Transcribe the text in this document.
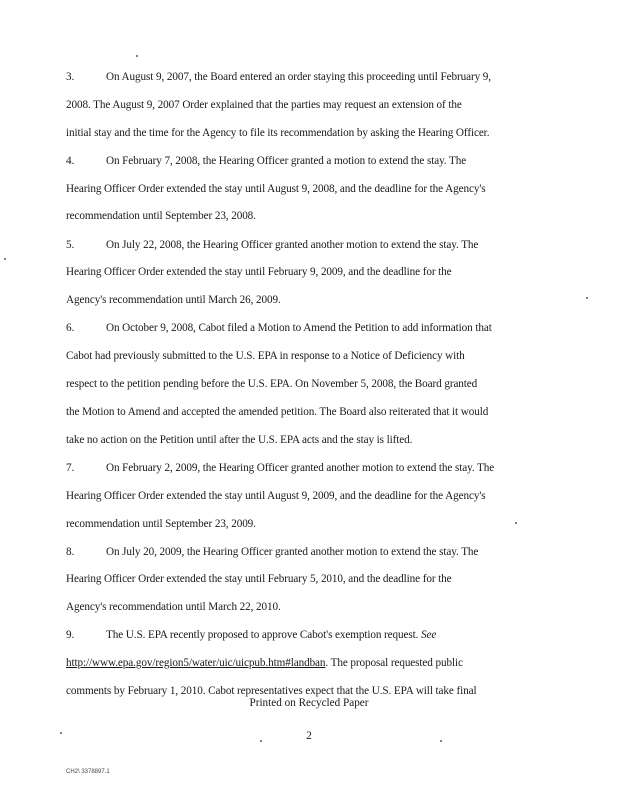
3.	On August 9, 2007, the Board entered an order staying this proceeding until February 9,
2008. The August 9, 2007 Order explained that the parties may request an extension of the
initial stay and the time for the Agency to file its recommendation by asking the Hearing Officer.
4.	On February 7, 2008, the Hearing Officer granted a motion to extend the stay. The
Hearing Officer Order extended the stay until August 9, 2008, and the deadline for the Agency's
recommendation until September 23, 2008.
5.	On July 22, 2008, the Hearing Officer granted another motion to extend the stay. The
Hearing Officer Order extended the stay until February 9, 2009, and the deadline for the
Agency's recommendation until March 26, 2009.
6.	On October 9, 2008, Cabot filed a Motion to Amend the Petition to add information that
Cabot had previously submitted to the U.S. EPA in response to a Notice of Deficiency with
respect to the petition pending before the U.S. EPA. On November 5, 2008, the Board granted
the Motion to Amend and accepted the amended petition. The Board also reiterated that it would
take no action on the Petition until after the U.S. EPA acts and the stay is lifted.
7.	On February 2, 2009, the Hearing Officer granted another motion to extend the stay. The
Hearing Officer Order extended the stay until August 9, 2009, and the deadline for the Agency's
recommendation until September 23, 2009.
8.	On July 20, 2009, the Hearing Officer granted another motion to extend the stay. The
Hearing Officer Order extended the stay until February 5, 2010, and the deadline for the
Agency's recommendation until March 22, 2010.
9.	The U.S. EPA recently proposed to approve Cabot's exemption request. See
http://www.epa.gov/region5/water/uic/uicpub.htm#landban. The proposal requested public
comments by February 1, 2010. Cabot representatives expect that the U.S. EPA will take final
Printed on Recycled Paper
2
CH2\ 3378897.1
